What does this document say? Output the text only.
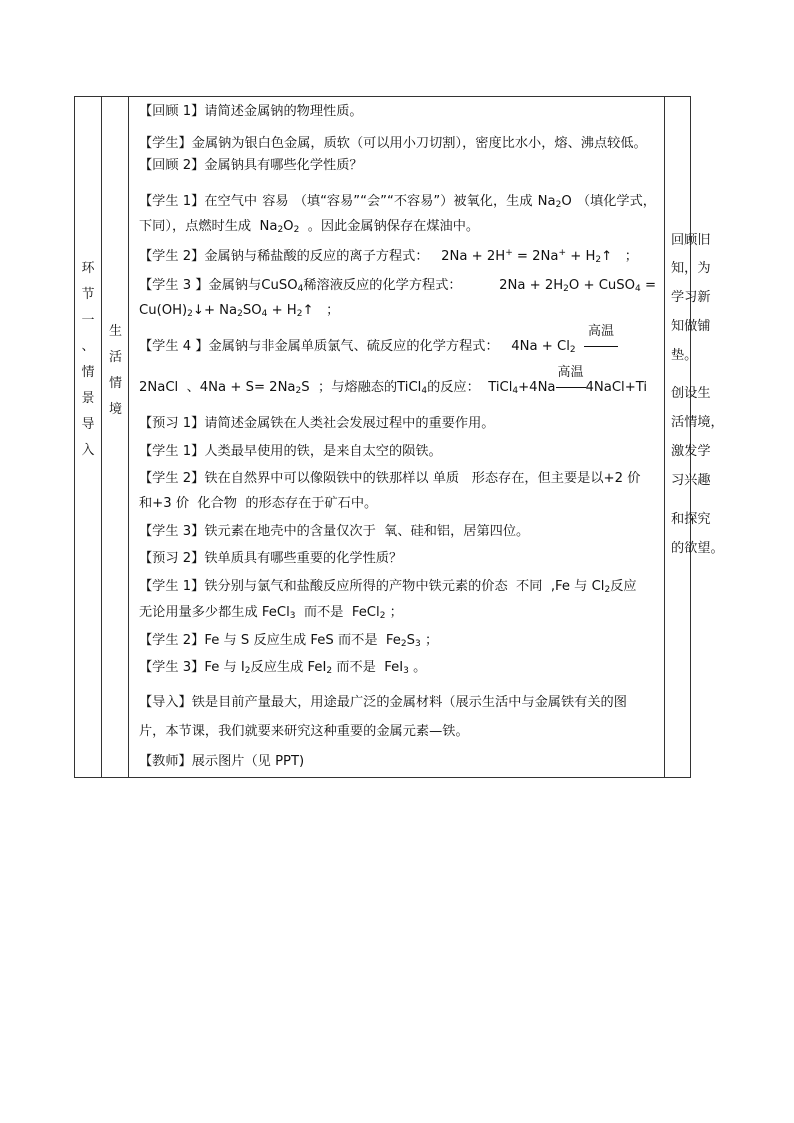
环
节
一
、
情
景
导
入
生
活
情
境
【回顾 1】请简述金属钠的物理性质。
【学生】金属钠为银白色金属，质软（可以用小刀切割），密度比水小，熔、沸点较低。
【回顾 2】金属钠具有哪些化学性质？
【学生 1】在空气中 容易 （填“容易”“会”“不容易”）被氧化，生成 $Na_2O$ （填化学式，
下同），点燃时生成 $Na_2O_2$ 。因此金属钠保存在煤油中。
【学生 2】金属钠与稀盐酸的反应的离子方程式： $2Na + 2H^+ = 2Na^+ + H_2↑$ ；
【学生 3 】金属钠与CuSO$_4$稀溶液反应的化学方程式：	$2Na + 2H_2O$ + CuSO$_4$ =
$Cu(OH)_2↓+ Na_2SO_4$ + $H_2↑$ ；
【学生 4 】金属钠与非金属单质氯气、硫反应的化学方程式： $4Na + Cl_2$
高温
2NaCl 、$4Na + S= 2Na_2S$ ；与熔融态的TiCl$_4$的反应： TiCl$_4$+4Na
高温
4NaCl+Ti
【预习 1】请简述金属铁在人类社会发展过程中的重要作用。
【学生 1】人类最早使用的铁，是来自太空的陨铁。
【学生 2】铁在自然界中可以像陨铁中的铁那样以 单质 形态存在，但主要是以+2 价
和+3 价 化合物 的形态存在于矿石中。
【学生 3】铁元素在地壳中的含量仅次于 氧、硅和铝，居第四位。
【预习 2】铁单质具有哪些重要的化学性质？
【学生 1】铁分别与氯气和盐酸反应所得的产物中铁元素的价态 不同 ,Fe 与 $Cl_2$反应
无论用量多少都生成 FeCl$_3$ 而不是 FeCl$_2$ ；
【学生 2】Fe 与 S 反应生成 FeS 而不是 $Fe_2S_3$ ；
【学生 3】Fe 与 $I_2$反应生成 FeI$_2$ 而不是 FeI$_3$ 。
【导入】铁是目前产量最大，用途最广泛的金属材料（展示生活中与金属铁有关的图
片，本节课，我们就要来研究这种重要的金属元素—铁。
【教师】展示图片（见 PPT)
回顾旧
知，为
学习新
知做铺
垫。
创设生
活情境，
激发学
习兴趣
和探究
的欲望。
